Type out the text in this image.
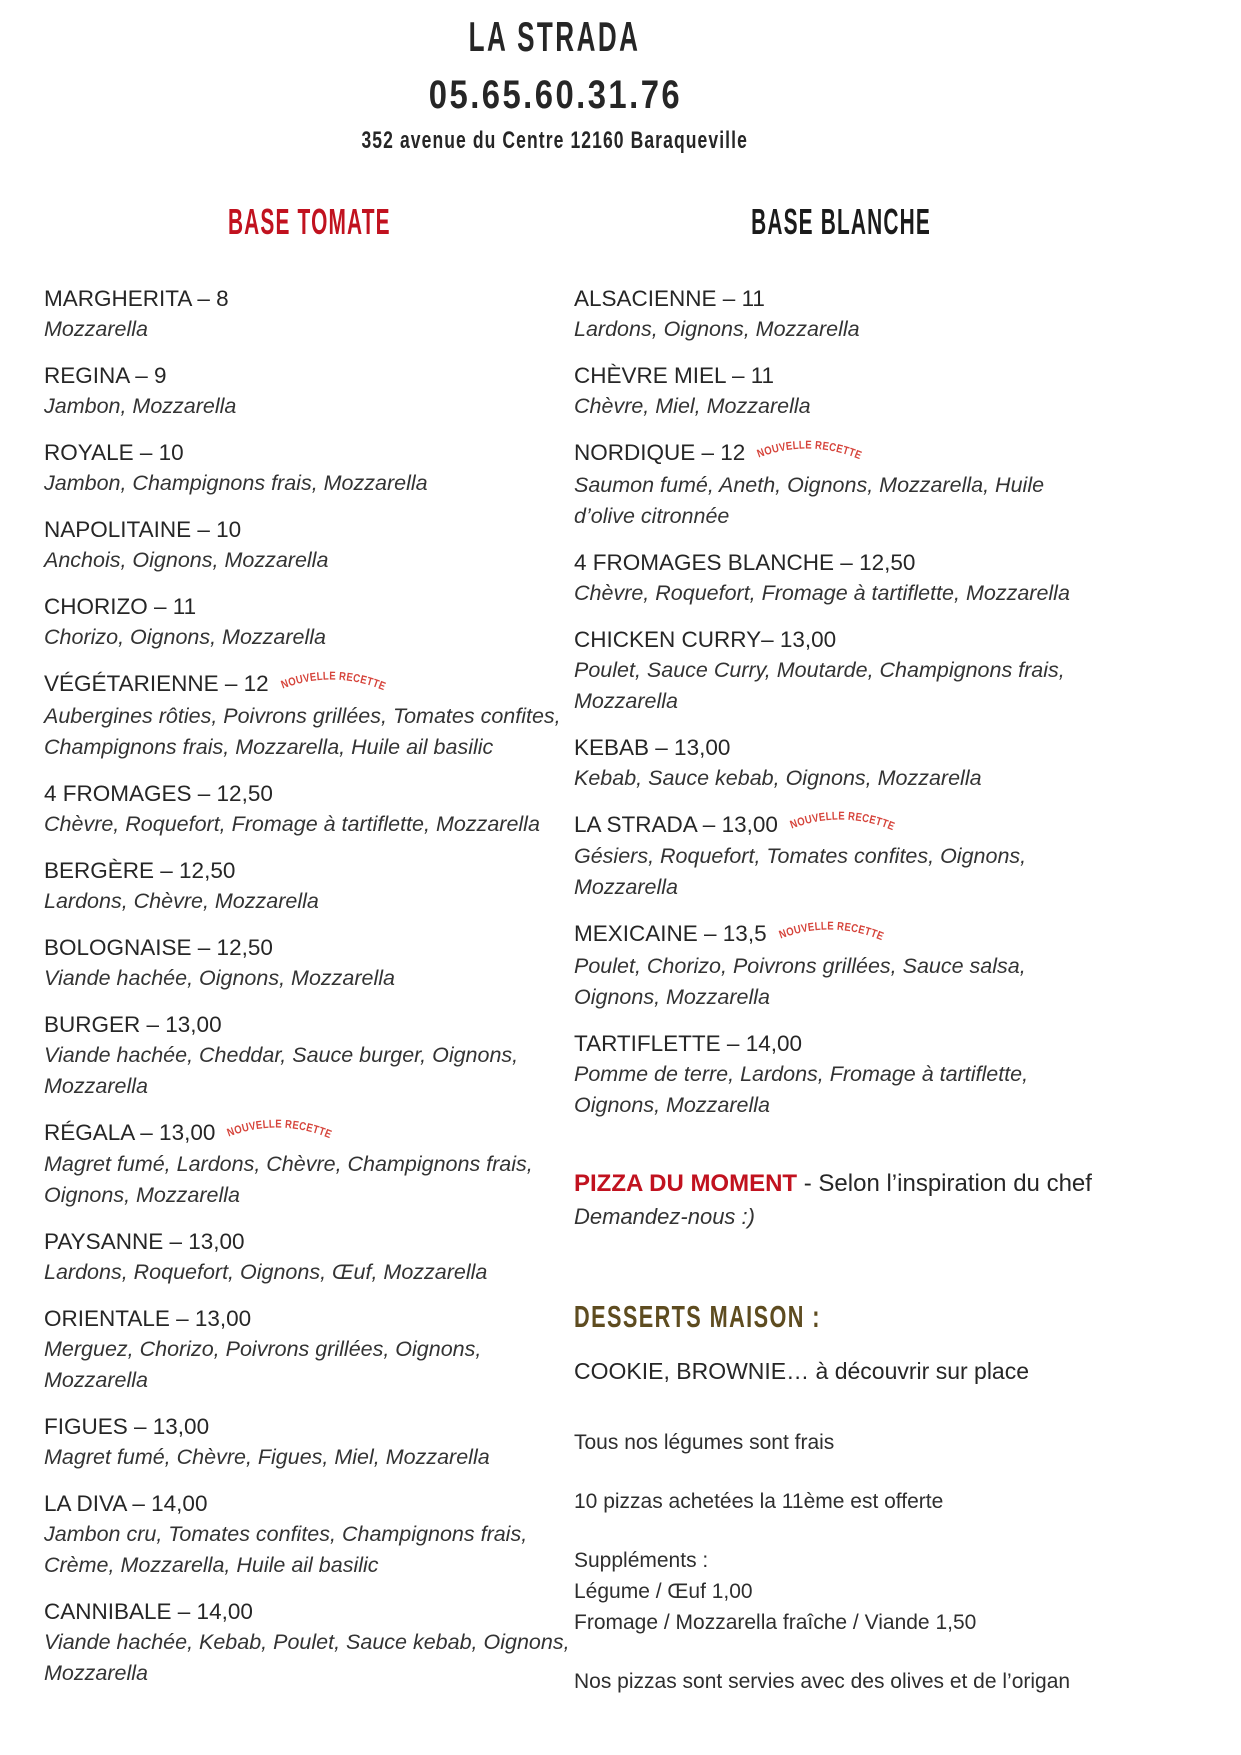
LA STRADA
05.65.60.31.76
352 avenue du Centre 12160 Baraqueville
BASE TOMATE

MARGHERITA – 8

Mozzarella

REGINA – 9

Jambon, Mozzarella

ROYALE – 10

Jambon, Champignons frais, Mozzarella

NAPOLITAINE – 10

Anchois, Oignons, Mozzarella

CHORIZO – 11

Chorizo, Oignons, Mozzarella

VÉGÉTARIENNE – 12 NOUVELLE RECETTE

Aubergines rôties, Poivrons grillées, Tomates confites, Champignons frais, Mozzarella, Huile ail basilic

4 FROMAGES – 12,50

Chèvre, Roquefort, Fromage à tartiflette, Mozzarella

BERGÈRE – 12,50

Lardons, Chèvre, Mozzarella

BOLOGNAISE – 12,50

Viande hachée, Oignons, Mozzarella

BURGER – 13,00

Viande hachée, Cheddar, Sauce burger, Oignons, Mozzarella

RÉGALA – 13,00 NOUVELLE RECETTE

Magret fumé, Lardons, Chèvre, Champignons frais, Oignons, Mozzarella

PAYSANNE – 13,00

Lardons, Roquefort, Oignons, Œuf, Mozzarella

ORIENTALE – 13,00

Merguez, Chorizo, Poivrons grillées, Oignons, Mozzarella

FIGUES – 13,00

Magret fumé, Chèvre, Figues, Miel, Mozzarella

LA DIVA – 14,00

Jambon cru, Tomates confites, Champignons frais, Crème, Mozzarella, Huile ail basilic

CANNIBALE – 14,00

Viande hachée, Kebab, Poulet, Sauce kebab, Oignons, Mozzarella

BASE BLANCHE

ALSACIENNE – 11

Lardons, Oignons, Mozzarella

CHÈVRE MIEL – 11

Chèvre, Miel, Mozzarella

NORDIQUE – 12 NOUVELLE RECETTE

Saumon fumé, Aneth, Oignons, Mozzarella, Huile d’olive citronnée

4 FROMAGES BLANCHE – 12,50

Chèvre, Roquefort, Fromage à tartiflette, Mozzarella

CHICKEN CURRY– 13,00

Poulet, Sauce Curry, Moutarde, Champignons frais, Mozzarella

KEBAB – 13,00

Kebab, Sauce kebab, Oignons, Mozzarella

LA STRADA – 13,00 NOUVELLE RECETTE

Gésiers, Roquefort, Tomates confites, Oignons, Mozzarella

MEXICAINE – 13,5 NOUVELLE RECETTE

Poulet, Chorizo, Poivrons grillées, Sauce salsa, Oignons, Mozzarella

TARTIFLETTE – 14,00

Pomme de terre, Lardons, Fromage à tartiflette, Oignons, Mozzarella

PIZZA DU MOMENT - Selon l’inspiration du chef

Demandez-nous :)

DESSERTS MAISON :

COOKIE, BROWNIE… à découvrir sur place

Tous nos légumes sont frais

10 pizzas achetées la 11ème est offerte

Suppléments :

Légume / Œuf 1,00

Fromage / Mozzarella fraîche / Viande 1,50

Nos pizzas sont servies avec des olives et de l’origan
